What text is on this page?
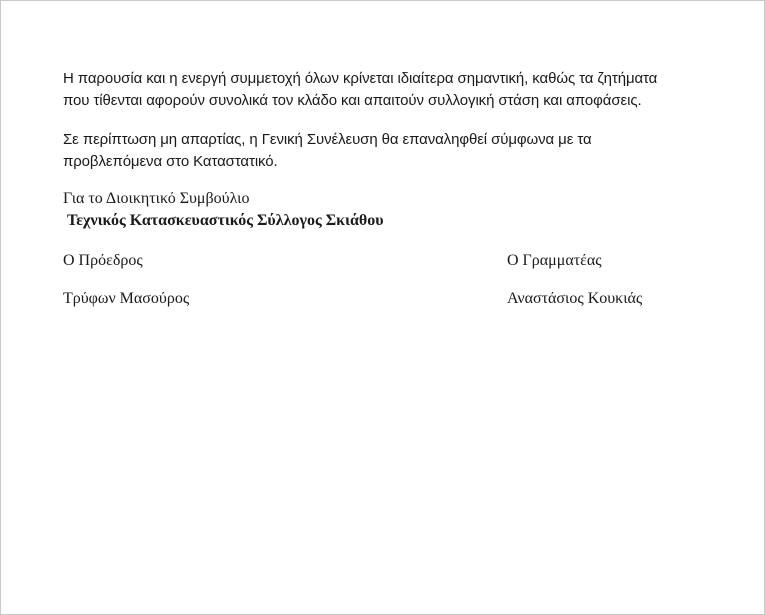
Η παρουσία και η ενεργή συμμετοχή όλων κρίνεται ιδιαίτερα σημαντική, καθώς τα ζητήματα
που τίθενται αφορούν συνολικά τον κλάδο και απαιτούν συλλογική στάση και αποφάσεις.

Σε περίπτωση μη απαρτίας, η Γενική Συνέλευση θα επαναληφθεί σύμφωνα με τα
προβλεπόμενα στο Καταστατικό.

Για το Διοικητικό Συμβούλιο
Τεχνικός Κατασκευαστικός Σύλλογος Σκιάθου
Ο Πρόεδρος
Τρύφων Μασούρος
Ο Γραμματέας
Αναστάσιος Κουκιάς
